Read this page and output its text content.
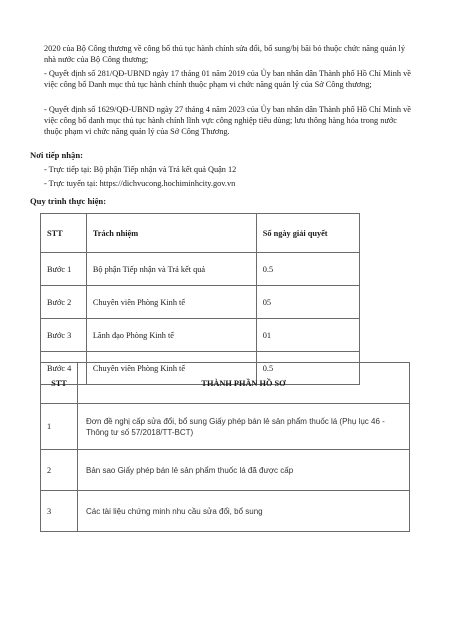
2020 của Bộ Công thương về công bố thủ tục hành chính sửa đổi, bổ sung/bị bãi bỏ thuộc chức năng quản lý nhà nước của Bộ Công thương;

- Quyết định số 281/QĐ-UBND ngày 17 tháng 01 năm 2019 của Ủy ban nhân dân Thành phố Hồ Chí Minh về việc công bố Danh mục thủ tục hành chính thuộc phạm vi chức năng quản lý của Sở Công thương;

- Quyết định số 1629/QĐ-UBND ngày 27 tháng 4 năm 2023 của Ủy ban nhân dân Thành phố Hồ Chí Minh về việc công bố danh mục thủ tục hành chính lĩnh vực công nghiệp tiêu dùng; lưu thông hàng hóa trong nước thuộc phạm vi chức năng quản lý của Sở Công Thương.

Nơi tiếp nhận:

- Trực tiếp tại: Bộ phận Tiếp nhận và Trả kết quả Quận 12

- Trực tuyến tại: https://dichvucong.hochiminhcity.gov.vn

Quy trình thực hiện:

STT	Trách nhiệm	Số ngày giải quyết
Bước 1	Bộ phận Tiếp nhận và Trả kết quả	0.5
Bước 2	Chuyên viên Phòng Kinh tế	05
Bước 3	Lãnh đạo Phòng Kinh tế	01
Bước 4	Chuyên viên Phòng Kinh tế	0.5
STT	THÀNH PHẦN HỒ SƠ
1	Đơn đề nghị cấp sửa đổi, bổ sung Giấy phép bán lẻ sản phẩm thuốc lá (Phụ lục 46 - Thông tư số 57/2018/TT-BCT)
2	Bản sao Giấy phép bán lẻ sản phẩm thuốc lá đã được cấp
3	Các tài liệu chứng minh nhu cầu sửa đổi, bổ sung
